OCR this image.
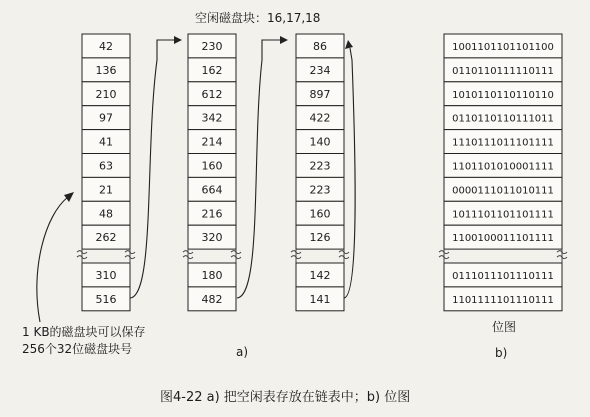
空闲磁盘块：16,17,18
42
136
210
97
41
63
21
48
262
310
516
230
162
612
342
214
160
664
216
320
180
482
86
234
897
422
140
223
223
160
126
142
141
1001101101101100
0110110111110111
1010110110110110
0110110110111011
1110111011101111
1101101010001111
0000111011010111
1011101101101111
1100100011101111
0111011101110111
1101111101110111
1 KB的磁盘块可以保存
256个32位磁盘块号	a)
位图
b)
图4-22 a) 把空闲表存放在链表中；b) 位图
